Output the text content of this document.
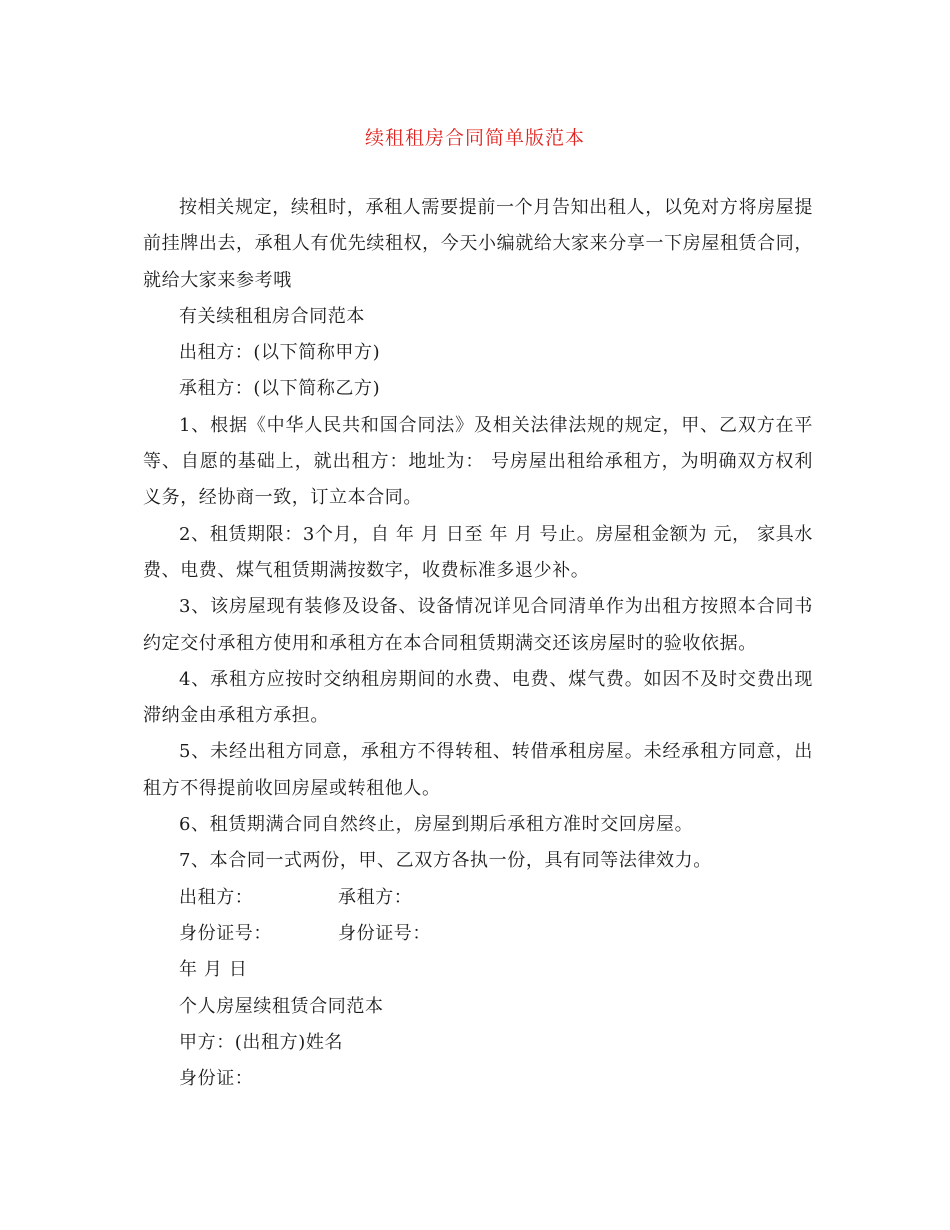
续租租房合同简单版范本

按相关规定，续租时，承租人需要提前一个月告知出租人，以免对方将房屋提前挂牌出去，承租人有优先续租权，今天小编就给大家来分享一下房屋租赁合同，就给大家来参考哦

有关续租租房合同范本

出租方：(以下简称甲方)

承租方：(以下简称乙方)

1、根据《中华人民共和国合同法》及相关法律法规的规定，甲、乙双方在平等、自愿的基础上，就出租方：地址为： 号房屋出租给承租方，为明确双方权利义务，经协商一致，订立本合同。

2、租赁期限：3个月，自 年 月 日至 年 月 号止。房屋租金额为 元， 家具水费、电费、煤气租赁期满按数字，收费标准多退少补。

3、该房屋现有装修及设备、设备情况详见合同清单作为出租方按照本合同书约定交付承租方使用和承租方在本合同租赁期满交还该房屋时的验收依据。

4、承租方应按时交纳租房期间的水费、电费、煤气费。如因不及时交费出现滞纳金由承租方承担。

5、未经出租方同意，承租方不得转租、转借承租房屋。未经承租方同意，出租方不得提前收回房屋或转租他人。

6、租赁期满合同自然终止，房屋到期后承租方准时交回房屋。

7、本合同一式两份，甲、乙双方各执一份，具有同等法律效力。

出租方：	承租方：
身份证号：	身份证号：

年 月 日

个人房屋续租赁合同范本

甲方：(出租方)姓名

身份证：
